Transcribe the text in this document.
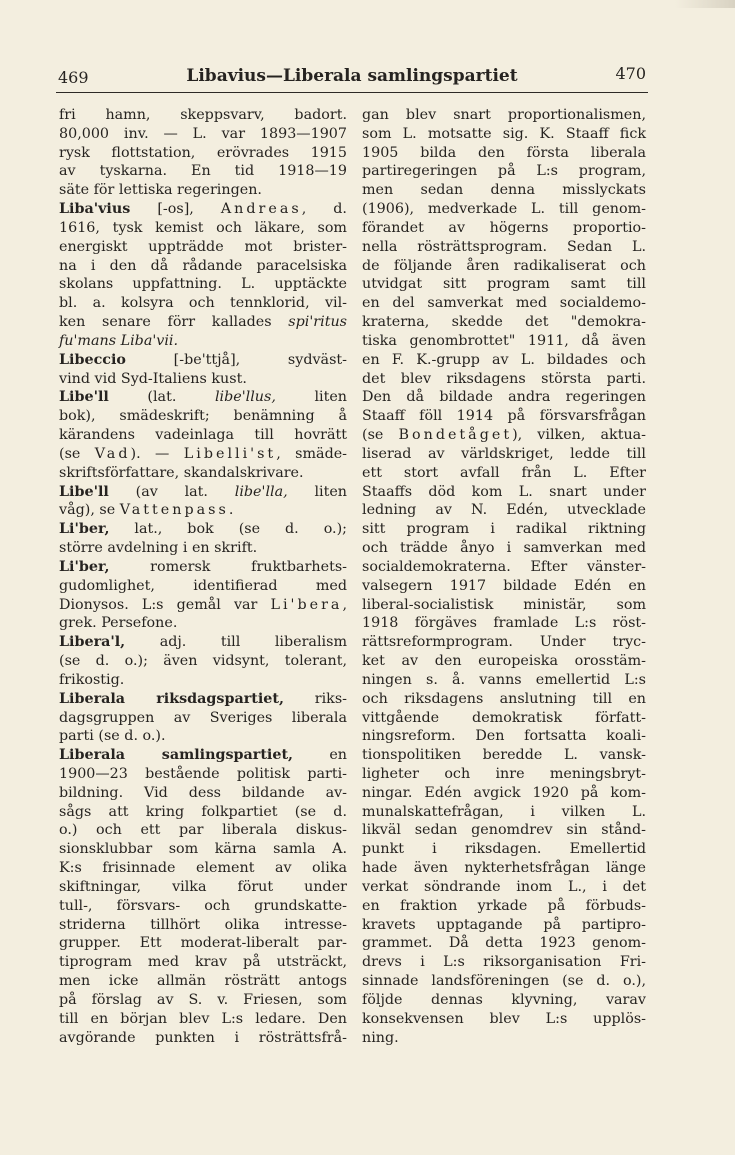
469	Libavius—Liberala samlingspartiet	470
fri hamn, skeppsvarv, badort.
80,000 inv. — L. var 1893—1907
rysk flottstation, erövrades 1915
av tyskarna. En tid 1918—19
säte för lettiska regeringen.
Liba'vius [-os], Andreas, d.
1616, tysk kemist och läkare, som
energiskt uppträdde mot brister-
na i den då rådande paracelsiska
skolans uppfattning. L. upptäckte
bl. a. kolsyra och tennklorid, vil-
ken senare förr kallades spi'ritus
fu'mans Liba'vii.
Libeccio [-be'ttjå], sydväst-
vind vid Syd-Italiens kust.
Libe'll (lat. libe'llus, liten
bok), smädeskrift; benämning å
kärandens vadeinlaga till hovrätt
(se Vad). — Libelli'st, smäde-
skriftsförfattare, skandalskrivare.
Libe'll (av lat. libe'lla, liten
våg), se Vattenpass.
Li'ber, lat., bok (se d. o.);
större avdelning i en skrift.
Li'ber, romersk fruktbarhets-
gudomlighet, identifierad med
Dionysos. L:s gemål var Li'bera,
grek. Persefone.
Libera'l, adj. till liberalism
(se d. o.); även vidsynt, tolerant,
frikostig.
Liberala riksdagspartiet, riks-
dagsgruppen av Sveriges liberala
parti (se d. o.).
Liberala samlingspartiet, en
1900—23 bestående politisk parti-
bildning. Vid dess bildande av-
sågs att kring folkpartiet (se d.
o.) och ett par liberala diskus-
sionsklubbar som kärna samla A.
K:s frisinnade element av olika
skiftningar, vilka förut under
tull-, försvars- och grundskatte-
striderna tillhört olika intresse-
grupper. Ett moderat-liberalt par-
tiprogram med krav på utsträckt,
men icke allmän rösträtt antogs
på förslag av S. v. Friesen, som
till en början blev L:s ledare. Den
avgörande punkten i rösträttsfrå-
gan blev snart proportionalismen,
som L. motsatte sig. K. Staaff fick
1905 bilda den första liberala
partiregeringen på L:s program,
men sedan denna misslyckats
(1906), medverkade L. till genom-
förandet av högerns proportio-
nella rösträttsprogram. Sedan L.
de följande åren radikaliserat och
utvidgat sitt program samt till
en del samverkat med socialdemo-
kraterna, skedde det "demokra-
tiska genombrottet" 1911, då även
en F. K.-grupp av L. bildades och
det blev riksdagens största parti.
Den då bildade andra regeringen
Staaff föll 1914 på försvarsfrågan
(se Bondetåget), vilken, aktua-
liserad av världskriget, ledde till
ett stort avfall från L. Efter
Staaffs död kom L. snart under
ledning av N. Edén, utvecklade
sitt program i radikal riktning
och trädde ånyo i samverkan med
socialdemokraterna. Efter vänster-
valsegern 1917 bildade Edén en
liberal-socialistisk ministär, som
1918 förgäves framlade L:s röst-
rättsreformprogram. Under tryc-
ket av den europeiska orosstäm-
ningen s. å. vanns emellertid L:s
och riksdagens anslutning till en
vittgående demokratisk författ-
ningsreform. Den fortsatta koali-
tionspolitiken beredde L. vansk-
ligheter och inre meningsbryt-
ningar. Edén avgick 1920 på kom-
munalskattefrågan, i vilken L.
likväl sedan genomdrev sin stånd-
punkt i riksdagen. Emellertid
hade även nykterhetsfrågan länge
verkat söndrande inom L., i det
en fraktion yrkade på förbuds-
kravets upptagande på partipro-
grammet. Då detta 1923 genom-
drevs i L:s riksorganisation Fri-
sinnade landsföreningen (se d. o.),
följde dennas klyvning, varav
konsekvensen blev L:s upplös-
ning.
